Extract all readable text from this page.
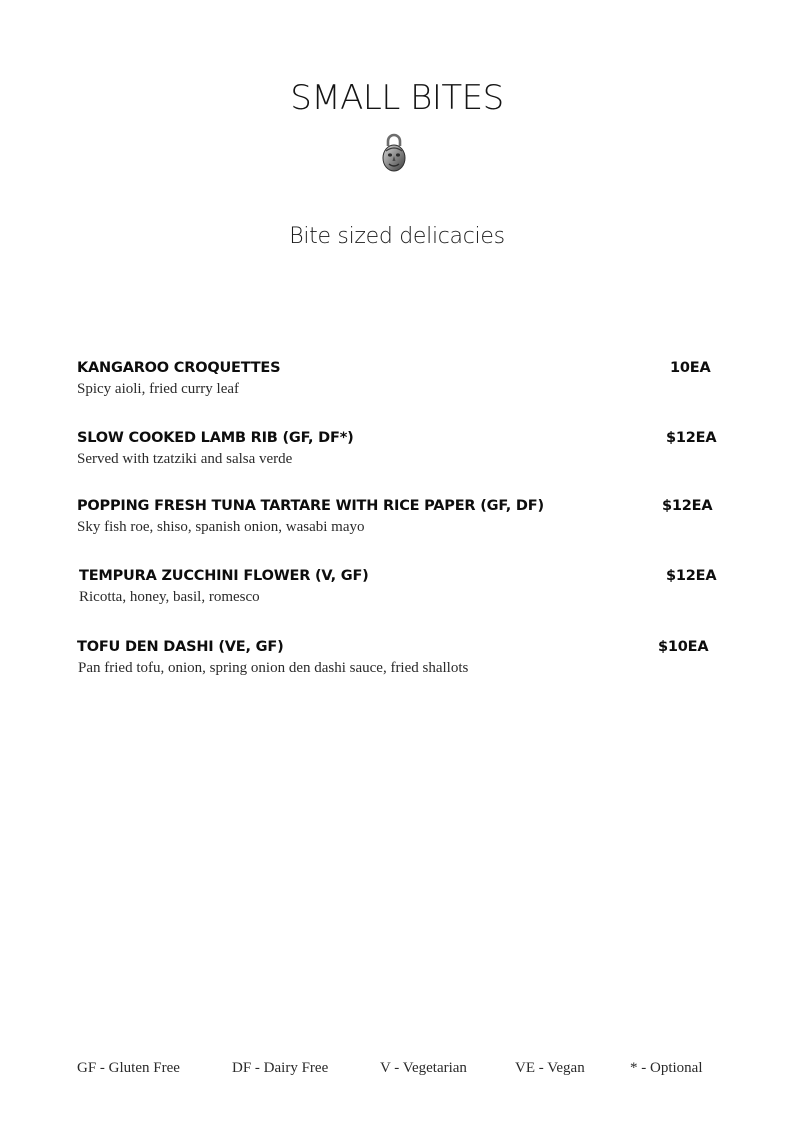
SMALL BITES
Bite sized delicacies
KANGAROO CROQUETTES	10EA
Spicy aioli, fried curry leaf
SLOW COOKED LAMB RIB (GF, DF*)	$12EA
Served with tzatziki and salsa verde
POPPING FRESH TUNA TARTARE WITH RICE PAPER (GF, DF)	$12EA
Sky fish roe, shiso, spanish onion, wasabi mayo
TEMPURA ZUCCHINI FLOWER (V, GF)	$12EA
Ricotta, honey, basil, romesco
TOFU DEN DASHI (VE, GF)	$10EA
Pan fried tofu, onion, spring onion den dashi sauce, fried shallots
GF - Gluten Free	DF - Dairy Free	V - Vegetarian	VE - Vegan	* - Optional
